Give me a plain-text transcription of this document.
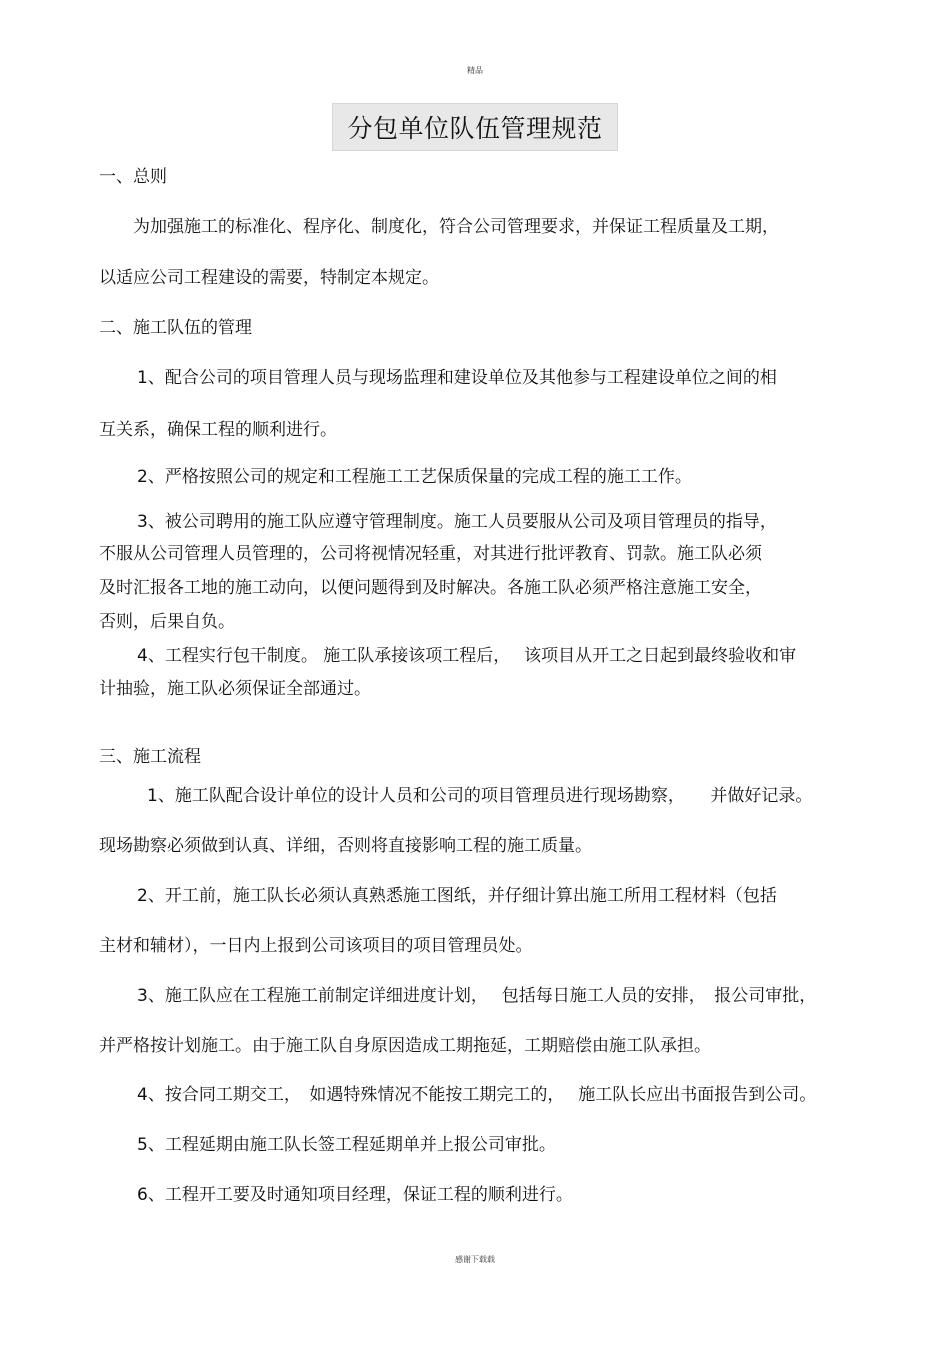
精品
分包单位队伍管理规范
一、总则
为加强施工的标准化、程序化、制度化，符合公司管理要求，并保证工程质量及工期，
以适应公司工程建设的需要，特制定本规定。
二、施工队伍的管理
1、配合公司的项目管理人员与现场监理和建设单位及其他参与工程建设单位之间的相
互关系，确保工程的顺利进行。
2、严格按照公司的规定和工程施工工艺保质保量的完成工程的施工工作。
3、被公司聘用的施工队应遵守管理制度。施工人员要服从公司及项目管理员的指导，
不服从公司管理人员管理的，公司将视情况轻重，对其进行批评教育、罚款。施工队必须
及时汇报各工地的施工动向，以便问题得到及时解决。各施工队必须严格注意施工安全，
否则，后果自负。
4、工程实行包干制度。 施工队承接该项工程后，　 该项目从开工之日起到最终验收和审
计抽验，施工队必须保证全部通过。
三、施工流程
1、施工队配合设计单位的设计人员和公司的项目管理员进行现场勘察，　　并做好记录。
现场勘察必须做到认真、详细，否则将直接影响工程的施工质量。
2、开工前，施工队长必须认真熟悉施工图纸，并仔细计算出施工所用工程材料（包括
主材和辅材），一日内上报到公司该项目的项目管理员处。
3、施工队应在工程施工前制定详细进度计划，　 包括每日施工人员的安排，　报公司审批，
并严格按计划施工。由于施工队自身原因造成工期拖延，工期赔偿由施工队承担。
4、按合同工期交工，　如遇特殊情况不能按工期完工的，　 施工队长应出书面报告到公司。
5、工程延期由施工队长签工程延期单并上报公司审批。
6、工程开工要及时通知项目经理，保证工程的顺利进行。
感谢下载载
